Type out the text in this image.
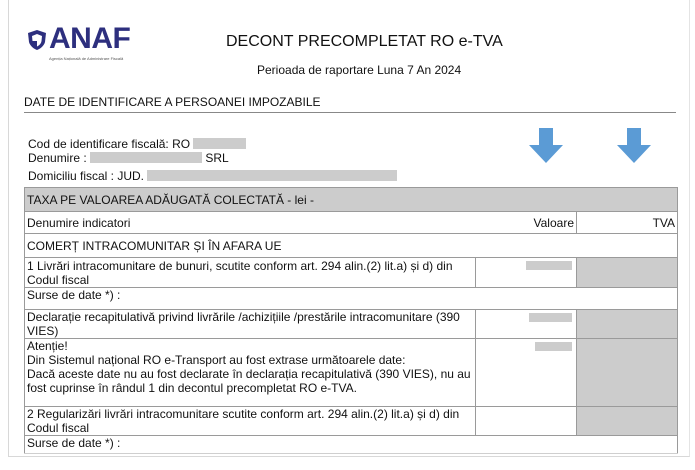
ANAF
Agenția Națională de Administrare Fiscală
DECONT PRECOMPLETAT RO e-TVA
Perioada de raportare Luna 7 An 2024
DATE DE IDENTIFICARE A PERSOANEI IMPOZABILE
Cod de identificare fiscală: RO
Denumire :	SRL
Domiciliu fiscal : JUD.
TAXA PE VALOAREA ADĂUGATĂ COLECTATĂ - lei -		
Denumire indicatori	Valoare	TVA
COMERȚ INTRACOMUNITAR ȘI ÎN AFARA UE		
1 Livrări intracomunitare de bunuri, scutite conform art. 294 alin.(2) lit.a) și d) din Codul fiscal	

Surse de date *) :		
Declarație recapitulativă privind livrările /achizițiile /prestările intracomunitare (390 VIES)	

Atenție!
Din Sistemul național RO e-Transport au fost extrase următoarele date:
Dacă aceste date nu au fost declarate în declarația recapitulativă (390 VIES), nu au fost cuprinse în rândul 1 din decontul precompletat RO e-TVA.		

2 Regularizări livrări intracomunitare scutite conform art. 294 alin.(2) lit.a) și d) din Codul fiscal		
Surse de date *) :		
